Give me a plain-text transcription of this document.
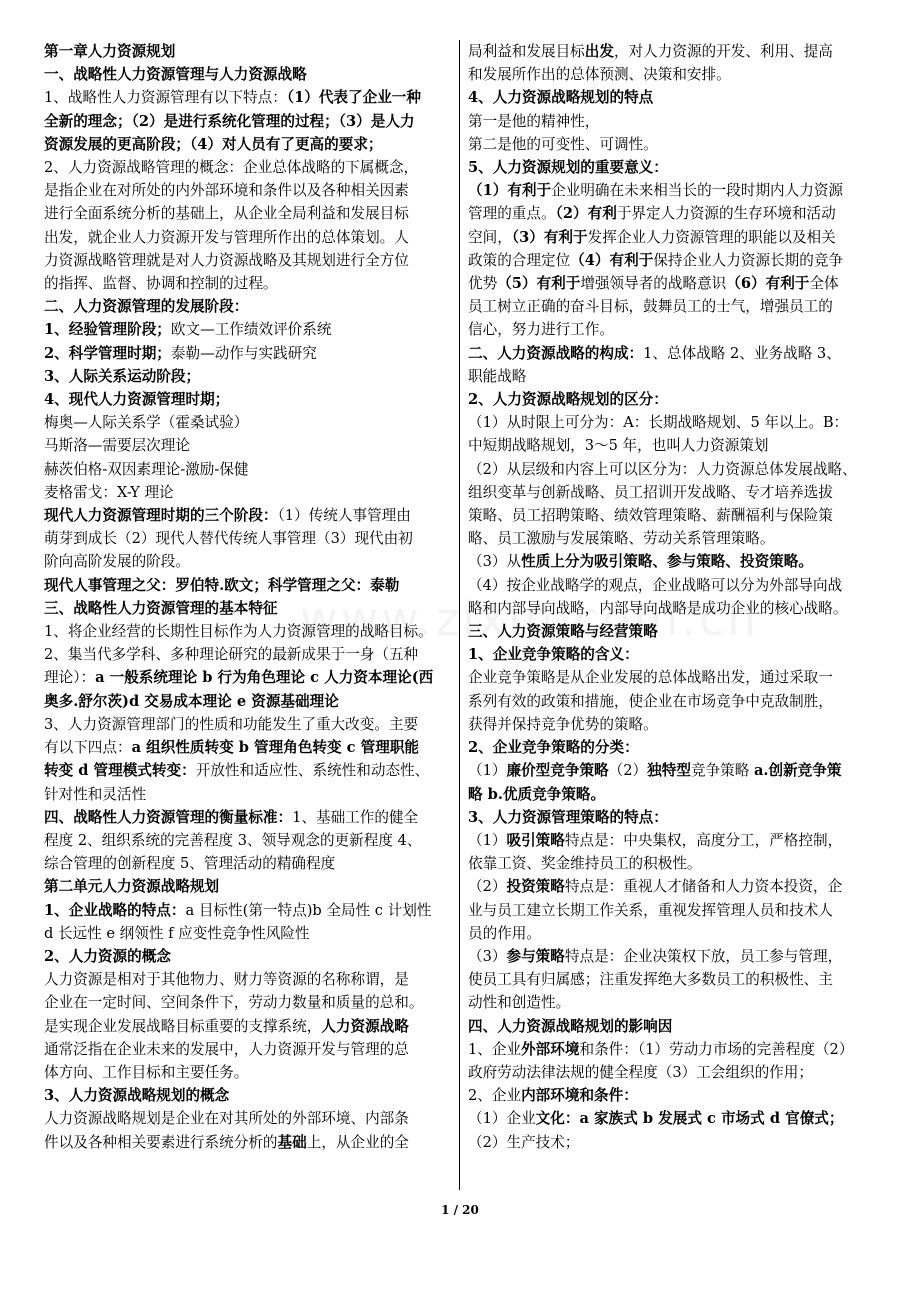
第一章人力资源规划
一、战略性人力资源管理与人力资源战略
1、战略性人力资源管理有以下特点：（1）代表了企业一种
全新的理念；（2）是进行系统化管理的过程；（3）是人力
资源发展的更高阶段；（4）对人员有了更高的要求；
2、人力资源战略管理的概念：企业总体战略的下属概念，
是指企业在对所处的内外部环境和条件以及各种相关因素
进行全面系统分析的基础上，从企业全局利益和发展目标
出发，就企业人力资源开发与管理所作出的总体策划。人
力资源战略管理就是对人力资源战略及其规划进行全方位
的指挥、监督、协调和控制的过程。
二、人力资源管理的发展阶段：
1、经验管理阶段；欧文—工作绩效评价系统
2、科学管理时期；泰勒—动作与实践研究
3、人际关系运动阶段；
4、现代人力资源管理时期；
梅奥—人际关系学（霍桑试验）
马斯洛—需要层次理论
赫茨伯格-双因素理论-激励-保健
麦格雷戈：X-Y 理论
现代人力资源管理时期的三个阶段：（1）传统人事管理由
萌芽到成长（2）现代人替代传统人事管理（3）现代由初
阶向高阶发展的阶段。
现代人事管理之父：罗伯特.欧文；科学管理之父：泰勒
三、战略性人力资源管理的基本特征
1、将企业经营的长期性目标作为人力资源管理的战略目标。
2、集当代多学科、多种理论研究的最新成果于一身（五种
理论）：a 一般系统理论 b 行为角色理论 c 人力资本理论(西
奥多.舒尔茨)d 交易成本理论 e 资源基础理论
3、人力资源管理部门的性质和功能发生了重大改变。主要
有以下四点：a 组织性质转变 b 管理角色转变 c 管理职能
转变 d 管理模式转变：开放性和适应性、系统性和动态性、
针对性和灵活性
四、战略性人力资源管理的衡量标准：1、基础工作的健全
程度 2、组织系统的完善程度 3、领导观念的更新程度 4、
综合管理的创新程度 5、管理活动的精确程度
第二单元人力资源战略规划
1、企业战略的特点：a 目标性(第一特点)b 全局性 c 计划性
d 长远性 e 纲领性 f 应变性竞争性风险性
2、人力资源的概念
人力资源是相对于其他物力、财力等资源的名称称谓，是
企业在一定时间、空间条件下，劳动力数量和质量的总和。
是实现企业发展战略目标重要的支撑系统，人力资源战略
通常泛指在企业未来的发展中，人力资源开发与管理的总
体方向、工作目标和主要任务。
3、人力资源战略规划的概念
人力资源战略规划是企业在对其所处的外部环境、内部条
件以及各种相关要素进行系统分析的基础上，从企业的全
局利益和发展目标出发，对人力资源的开发、利用、提高
和发展所作出的总体预测、决策和安排。
4、人力资源战略规划的特点
第一是他的精神性，
第二是他的可变性、可调性。
5、人力资源规划的重要意义：
（1）有利于企业明确在未来相当长的一段时期内人力资源
管理的重点。（2）有利于界定人力资源的生存环境和活动
空间，（3）有利于发挥企业人力资源管理的职能以及相关
政策的合理定位（4）有利于保持企业人力资源长期的竞争
优势（5）有利于增强领导者的战略意识（6）有利于全体
员工树立正确的奋斗目标，鼓舞员工的士气，增强员工的
信心，努力进行工作。
二、人力资源战略的构成：1、总体战略 2、业务战略 3、
职能战略
2、人力资源战略规划的区分：
（1）从时限上可分为：A：长期战略规划、5 年以上。B：
中短期战略规划，3～5 年，也叫人力资源策划
（2）从层级和内容上可以区分为：人力资源总体发展战略、
组织变革与创新战略、员工招训开发战略、专才培养选拔
策略、员工招聘策略、绩效管理策略、薪酬福利与保险策
略、员工激励与发展策略、劳动关系管理策略。
（3）从性质上分为吸引策略、参与策略、投资策略。
（4）按企业战略学的观点，企业战略可以分为外部导向战
略和内部导向战略，内部导向战略是成功企业的核心战略。
三、人力资源策略与经营策略
1、企业竞争策略的含义：
企业竞争策略是从企业发展的总体战略出发，通过采取一
系列有效的政策和措施，使企业在市场竞争中克敌制胜，
获得并保持竞争优势的策略。
2、企业竞争策略的分类：
（1）廉价型竞争策略（2）独特型竞争策略 a.创新竞争策
略 b.优质竞争策略。
3、人力资源管理策略的特点：
（1）吸引策略特点是：中央集权，高度分工，严格控制，
依靠工资、奖金维持员工的积极性。
（2）投资策略特点是：重视人才储备和人力资本投资，企
业与员工建立长期工作关系，重视发挥管理人员和技术人
员的作用。
（3）参与策略特点是：企业决策权下放，员工参与管理，
使员工具有归属感；注重发挥绝大多数员工的积极性、主
动性和创造性。
四、人力资源战略规划的影响因
1、企业外部环境和条件：（1）劳动力市场的完善程度（2）
政府劳动法律法规的健全程度（3）工会组织的作用；
2、企业内部环境和条件：
（1）企业文化：a 家族式 b 发展式 c 市场式 d 官僚式；
（2）生产技术；
1 / 20
